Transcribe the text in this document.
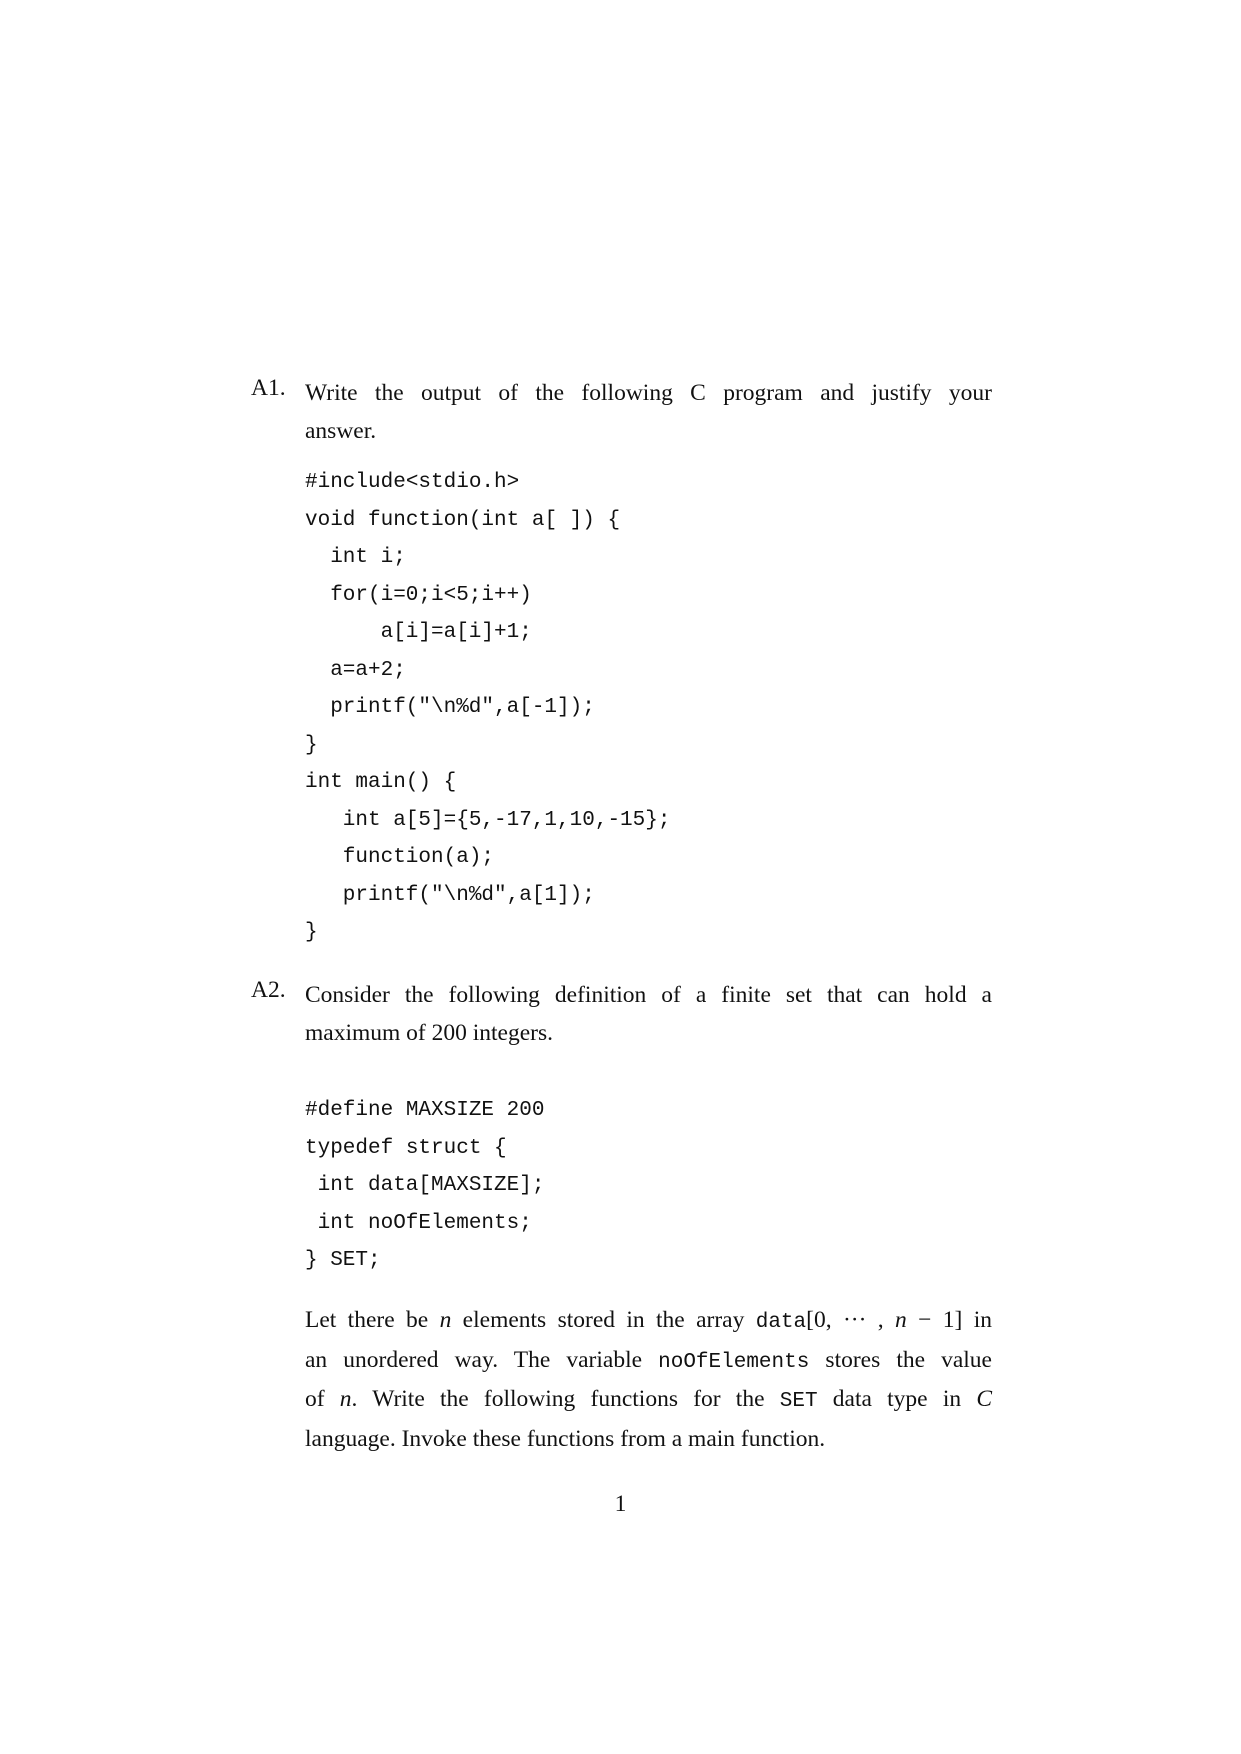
A1. Write the output of the following C program and justify your
answer.
#include<stdio.h>
void function(int a[ ]) {
int i;
for(i=0;i<5;i++)
a[i]=a[i]+1;
a=a+2;
printf("\n%d",a[-1]);
}
int main() {
int a[5]={5,-17,1,10,-15};
function(a);
printf("\n%d",a[1]);
}
A2. Consider the following definition of a finite set that can hold a
maximum of 200 integers.
#define MAXSIZE 200
typedef struct {
int data[MAXSIZE];
int noOfElements;
} SET;
Let there be n elements stored in the array data[0, ··· , n − 1] in
an unordered way. The variable noOfElements stores the value
of n. Write the following functions for the SET data type in C
language. Invoke these functions from a main function.
1
